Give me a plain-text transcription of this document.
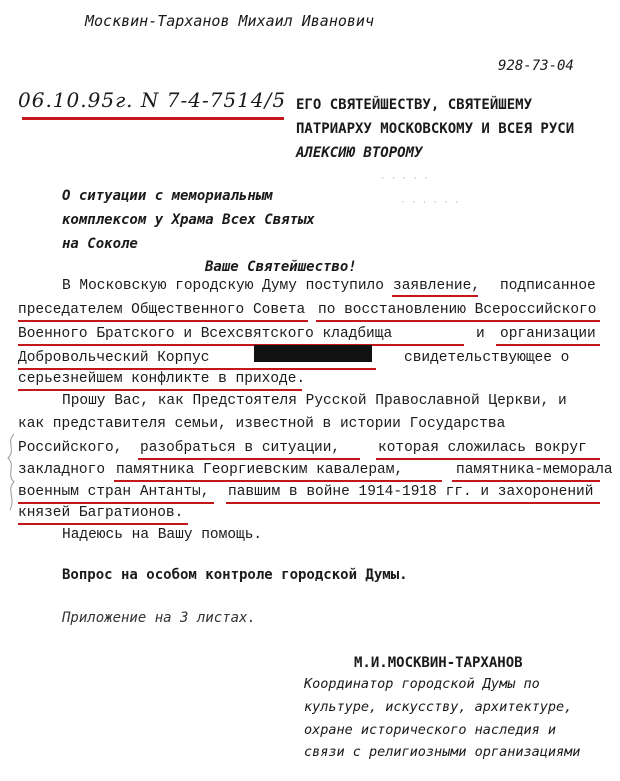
Москвин-Тарханов Михаил Иванович
928-73-04
06.10.95г. N 7-4-7514/5 ЕГО СВЯТЕЙШЕСТВУ, СВЯТЕЙШЕМУ
ПАТРИАРХУ МОСКОВСКОМУ И ВСЕЯ РУСИ
АЛЕКСИЮ ВТОРОМУ
· · · · ·
· · · · · ·
О ситуации с мемориальным
комплексом у Храма Всех Святых
на Соколе
Ваше Святейшество!
В Московскую городскую Думу поступило заявление, подписанное
преседателем Общественного Совета по восстановлению Всероссийского
Военного Братского и Всехсвятского кладбища	и организации
Добровольческий Корпус	свидетельствующее о
серьезнейшем конфликте в приходе.
Прошу Вас, как Предстоятеля Русской Православной Церкви, и
как представителя семьи, известной в истории Государства
Российского, разобраться в ситуации,	которая сложилась вокруг
закладного памятника Георгиевским кавалерам,	памятника-меморала
военным стран Антанты, павшим в войне 1914-1918 гг. и захоронений
князей Багратионов.
Надеюсь на Вашу помощь.
Вопрос на особом контроле городской Думы.
Приложение на 3 листах.
М.И.МОСКВИН-ТАРХАНОВ
Координатор городской Думы по
культуре, искусству, архитектуре,
охране исторического наследия и
связи с религиозными организациями
